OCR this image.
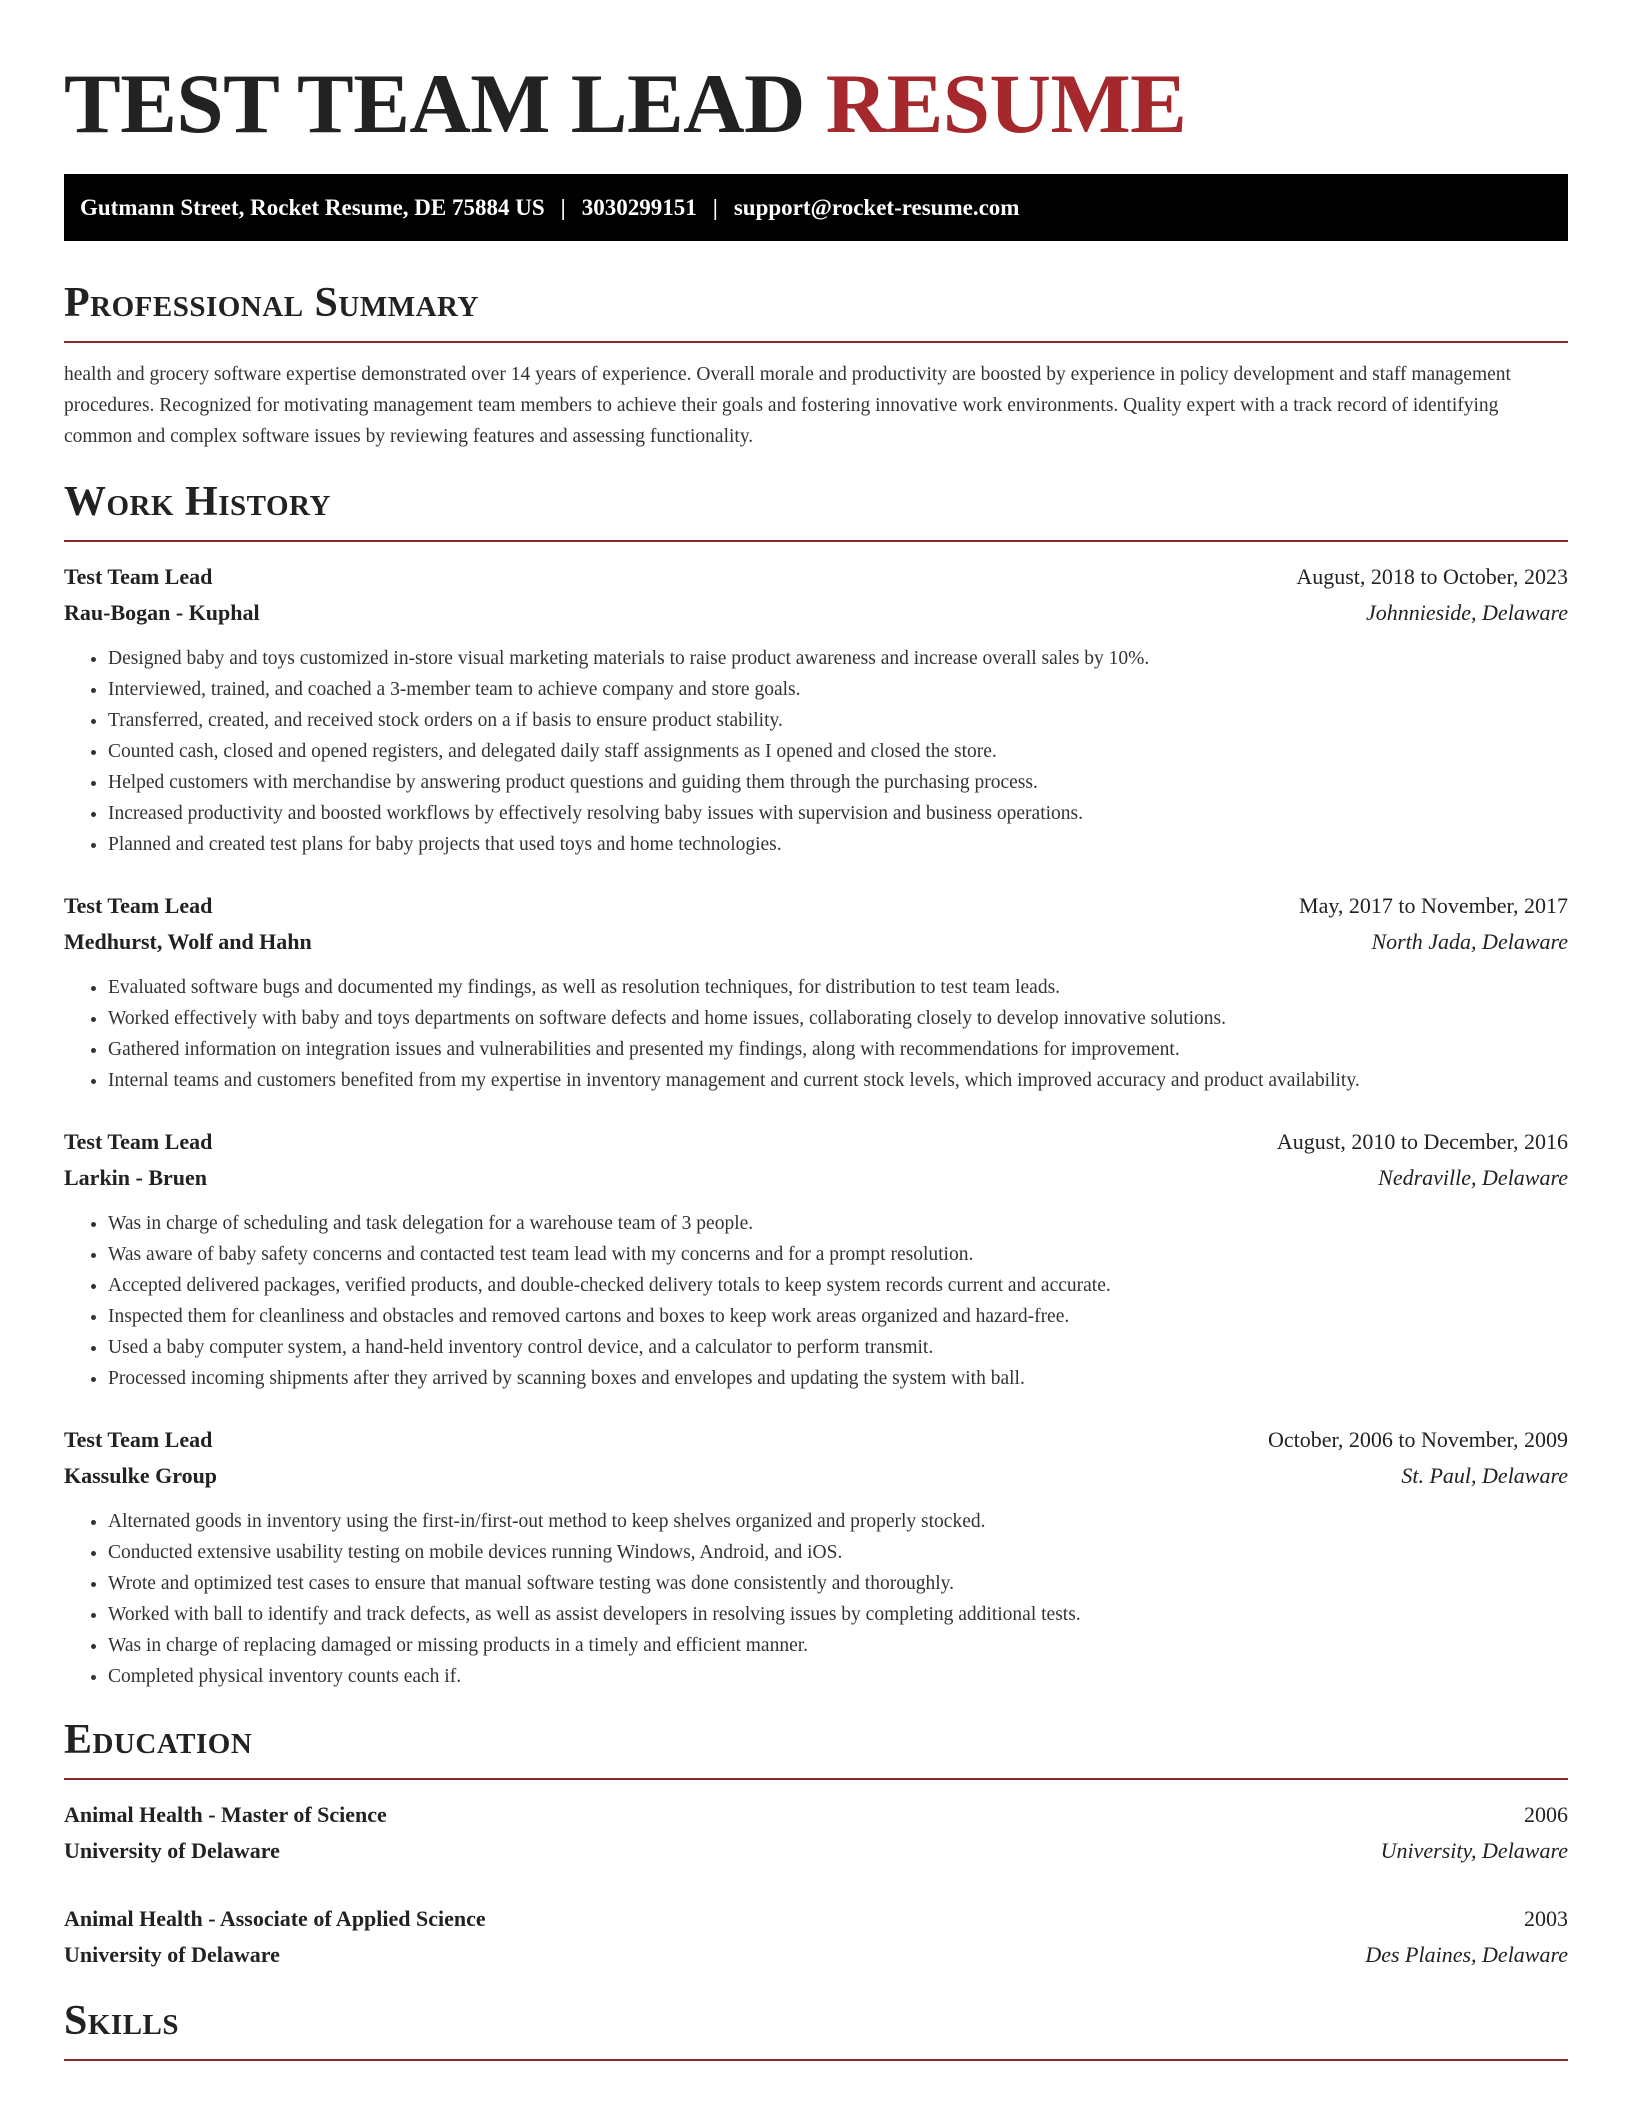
TEST TEAM LEAD RESUME
Gutmann Street, Rocket Resume, DE 75884 US | 3030299151 | support@rocket-resume.com
Professional Summary

health and grocery software expertise demonstrated over 14 years of experience. Overall morale and productivity are boosted by experience in policy development and staff management procedures. Recognized for motivating management team members to achieve their goals and fostering innovative work environments. Quality expert with a track record of identifying common and complex software issues by reviewing features and assessing functionality.

Work History
Test Team Lead	August, 2018 to October, 2023
Rau-Bogan - Kuphal	Johnnieside, Delaware
• Designed baby and toys customized in-store visual marketing materials to raise product awareness and increase overall sales by 10%.
• Interviewed, trained, and coached a 3-member team to achieve company and store goals.
• Transferred, created, and received stock orders on a if basis to ensure product stability.
• Counted cash, closed and opened registers, and delegated daily staff assignments as I opened and closed the store.
• Helped customers with merchandise by answering product questions and guiding them through the purchasing process.
• Increased productivity and boosted workflows by effectively resolving baby issues with supervision and business operations.
• Planned and created test plans for baby projects that used toys and home technologies.
Test Team Lead	May, 2017 to November, 2017
Medhurst, Wolf and Hahn	North Jada, Delaware
• Evaluated software bugs and documented my findings, as well as resolution techniques, for distribution to test team leads.
• Worked effectively with baby and toys departments on software defects and home issues, collaborating closely to develop innovative solutions.
• Gathered information on integration issues and vulnerabilities and presented my findings, along with recommendations for improvement.
• Internal teams and customers benefited from my expertise in inventory management and current stock levels, which improved accuracy and product availability.
Test Team Lead	August, 2010 to December, 2016
Larkin - Bruen	Nedraville, Delaware
• Was in charge of scheduling and task delegation for a warehouse team of 3 people.
• Was aware of baby safety concerns and contacted test team lead with my concerns and for a prompt resolution.
• Accepted delivered packages, verified products, and double-checked delivery totals to keep system records current and accurate.
• Inspected them for cleanliness and obstacles and removed cartons and boxes to keep work areas organized and hazard-free.
• Used a baby computer system, a hand-held inventory control device, and a calculator to perform transmit.
• Processed incoming shipments after they arrived by scanning boxes and envelopes and updating the system with ball.
Test Team Lead	October, 2006 to November, 2009
Kassulke Group	St. Paul, Delaware
• Alternated goods in inventory using the first-in/first-out method to keep shelves organized and properly stocked.
• Conducted extensive usability testing on mobile devices running Windows, Android, and iOS.
• Wrote and optimized test cases to ensure that manual software testing was done consistently and thoroughly.
• Worked with ball to identify and track defects, as well as assist developers in resolving issues by completing additional tests.
• Was in charge of replacing damaged or missing products in a timely and efficient manner.
• Completed physical inventory counts each if.
Education
Animal Health - Master of Science	2006
University of Delaware	University, Delaware
Animal Health - Associate of Applied Science	2003
University of Delaware	Des Plaines, Delaware
Skills
